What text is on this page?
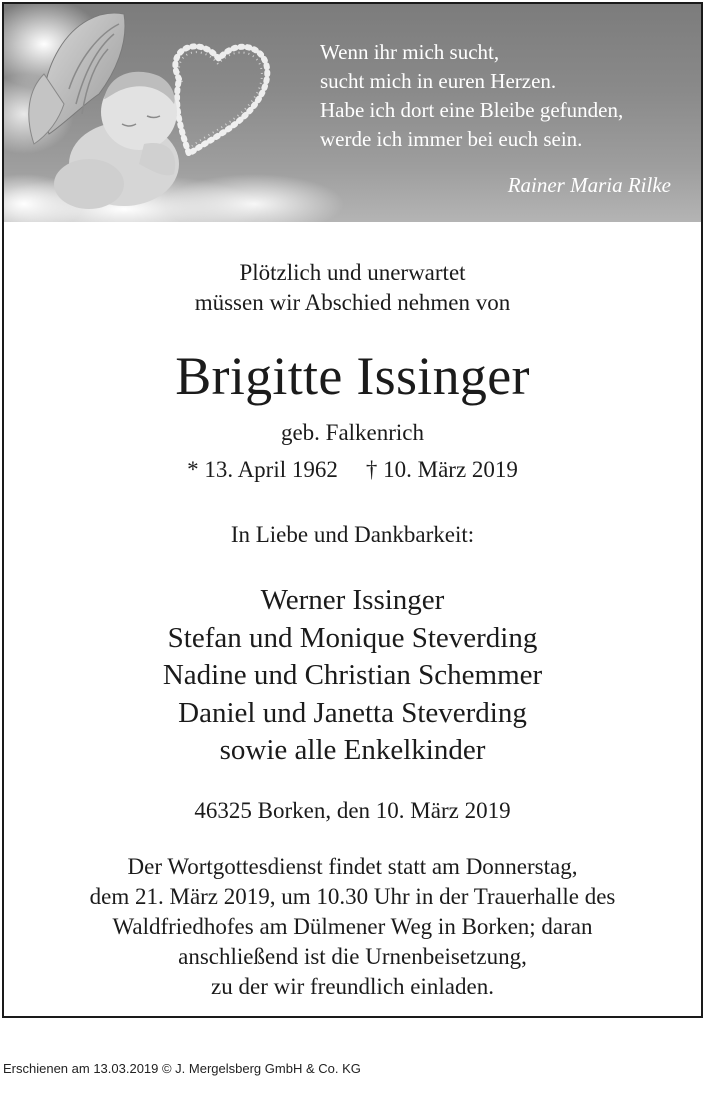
Wenn ihr mich sucht,
sucht mich in euren Herzen.
Habe ich dort eine Bleibe gefunden,
werde ich immer bei euch sein.
Rainer Maria Rilke
Plötzlich und unerwartet
müssen wir Abschied nehmen von
Brigitte Issinger
geb. Falkenrich
* 13. April 1962 † 10. März 2019
In Liebe und Dankbarkeit:
Werner Issinger
Stefan und Monique Steverding
Nadine und Christian Schemmer
Daniel und Janetta Steverding
sowie alle Enkelkinder
46325 Borken, den 10. März 2019
Der Wortgottesdienst findet statt am Donnerstag,
dem 21. März 2019, um 10.30 Uhr in der Trauerhalle des
Waldfriedhofes am Dülmener Weg in Borken; daran
anschließend ist die Urnenbeisetzung,
zu der wir freundlich einladen.
Erschienen am 13.03.2019 © J. Mergelsberg GmbH & Co. KG
